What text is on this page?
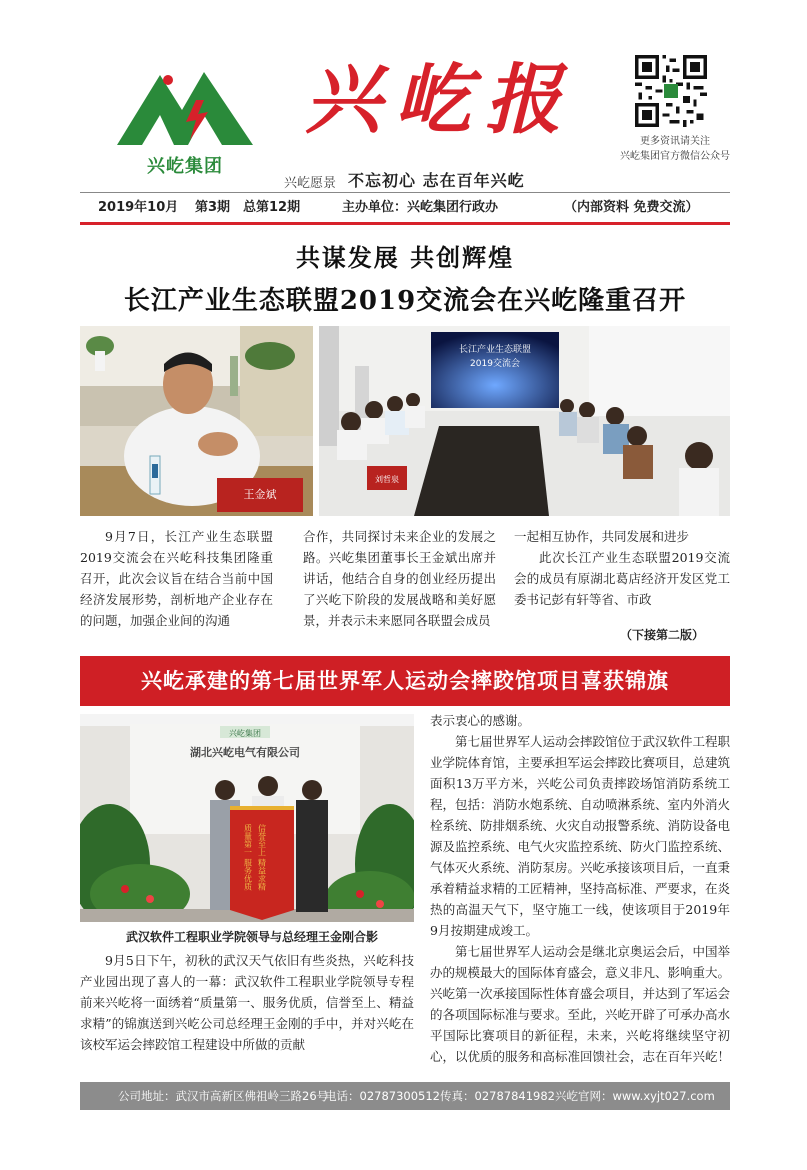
兴屹集团
兴屹报
兴屹愿景 不忘初心 志在百年兴屹
更多资讯请关注
兴屹集团官方微信公众号
2019年10月 第3期 总第12期	主办单位：兴屹集团行政办	（内部资料 免费交流）
共谋发展 共创辉煌
长江产业生态联盟2019交流会在兴屹隆重召开
王金斌
长江产业生态联盟
2019交流会
刘哲泉

9月7日，长江产业生态联盟2019交流会在兴屹科技集团隆重召开，此次会议旨在结合当前中国经济发展形势，剖析地产企业存在的问题，加强企业间的沟通

合作，共同探讨未来企业的发展之路。兴屹集团董事长王金斌出席并讲话，他结合自身的创业经历提出了兴屹下阶段的发展战略和美好愿景，并表示未来愿同各联盟会成员

一起相互协作，共同发展和进步

此次长江产业生态联盟2019交流会的成员有原湖北葛店经济开发区党工委书记彭有轩等省、市政

（下接第二版）
兴屹承建的第七届世界军人运动会摔跤馆项目喜获锦旗
兴屹集团
湖北兴屹电气有限公司
质量第一 服务优质 信誉至上 精益求精
武汉软件工程职业学院领导与总经理王金刚合影

9月5日下午，初秋的武汉天气依旧有些炎热，兴屹科技产业园出现了喜人的一幕：武汉软件工程职业学院领导专程前来兴屹将一面绣着“质量第一、服务优质，信誉至上、精益求精”的锦旗送到兴屹公司总经理王金刚的手中，并对兴屹在该校军运会摔跤馆工程建设中所做的贡献

表示衷心的感谢。

第七届世界军人运动会摔跤馆位于武汉软件工程职业学院体育馆，主要承担军运会摔跤比赛项目，总建筑面积13万平方米，兴屹公司负责摔跤场馆消防系统工程，包括：消防水炮系统、自动喷淋系统、室内外消火栓系统、防排烟系统、火灾自动报警系统、消防设备电源及监控系统、电气火灾监控系统、防火门监控系统、气体灭火系统、消防泵房。兴屹承接该项目后，一直秉承着精益求精的工匠精神，坚持高标准、严要求，在炎热的高温天气下，坚守施工一线，使该项目于2019年9月按期建成竣工。

第七届世界军人运动会是继北京奥运会后，中国举办的规模最大的国际体育盛会，意义非凡、影响重大。兴屹第一次承接国际性体育盛会项目，并达到了军运会的各项国际标准与要求。至此，兴屹开辟了可承办高水平国际比赛项目的新征程，未来，兴屹将继续坚守初心，以优质的服务和高标准回馈社会，志在百年兴屹！

公司地址：武汉市高新区佛祖岭三路26号
电话：02787300512 传真：02787841982 兴屹官网：www.xyjt027.com
